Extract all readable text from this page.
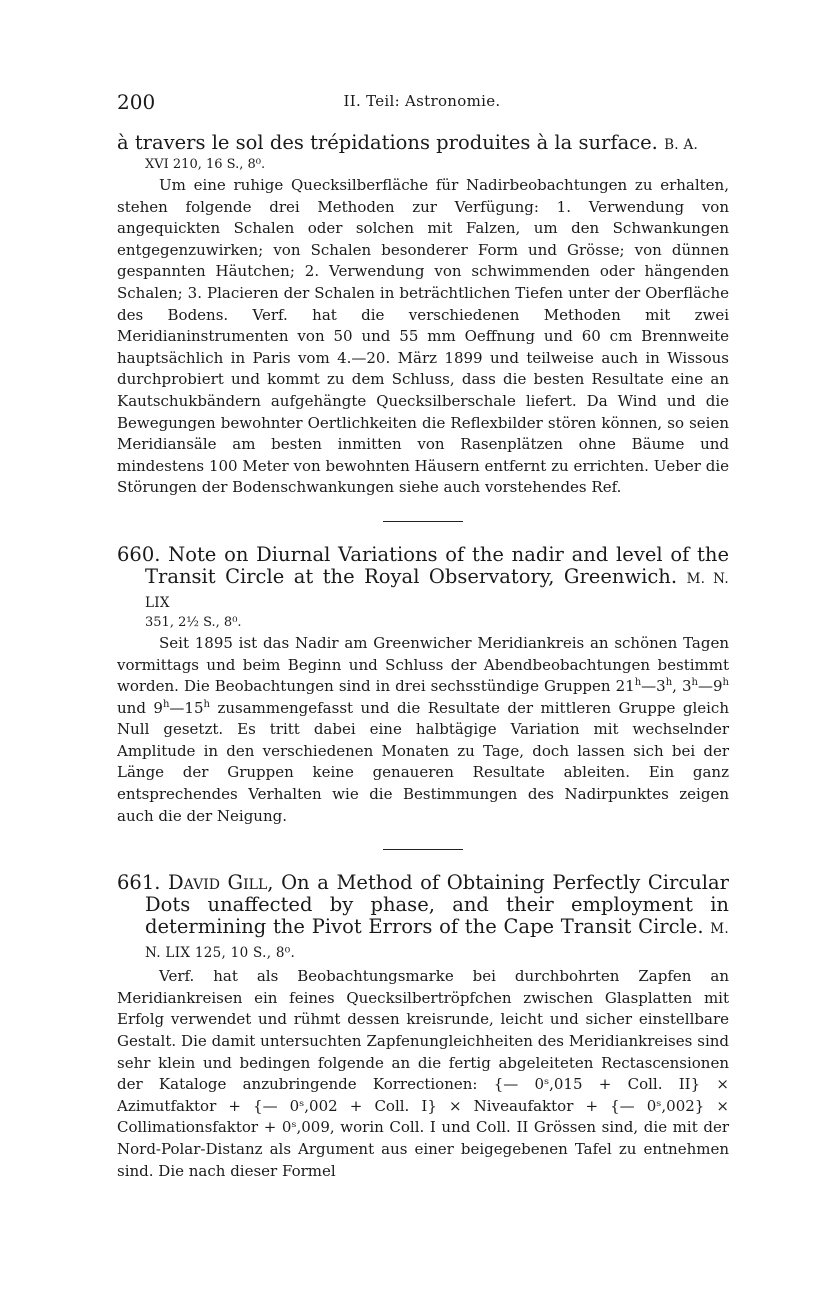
200	II. Teil: Astronomie.

à travers le sol des trépidations produites à la surface. B. A.
XVI 210, 16 S., 8⁰.

Um eine ruhige Quecksilberfläche für Nadirbeobachtungen zu erhalten, stehen folgende drei Methoden zur Verfügung: 1. Verwendung von angequickten Schalen oder solchen mit Falzen, um den Schwankungen entgegenzuwirken; von Schalen besonderer Form und Grösse; von dünnen gespannten Häutchen; 2. Verwendung von schwimmenden oder hängenden Schalen; 3. Placieren der Schalen in beträchtlichen Tiefen unter der Oberfläche des Bodens. Verf. hat die verschiedenen Methoden mit zwei Meridianinstrumenten von 50 und 55 mm Oeffnung und 60 cm Brennweite hauptsächlich in Paris vom 4.—20. März 1899 und teilweise auch in Wissous durchprobiert und kommt zu dem Schluss, dass die besten Resultate eine an Kautschukbändern aufgehängte Quecksilberschale liefert. Da Wind und die Bewegungen bewohnter Oertlichkeiten die Reflexbilder stören können, so seien Meridiansäle am besten inmitten von Rasenplätzen ohne Bäume und mindestens 100 Meter von bewohnten Häusern entfernt zu errichten. Ueber die Störungen der Bodenschwankungen siehe auch vorstehendes Ref.

660. Note on Diurnal Variations of the nadir and level of the Transit Circle at the Royal Observatory, Greenwich. M. N. LIX
351, 2½ S., 8⁰.

Seit 1895 ist das Nadir am Greenwicher Meridiankreis an schönen Tagen vormittags und beim Beginn und Schluss der Abendbeobachtungen bestimmt worden. Die Beobachtungen sind in drei sechsstündige Gruppen 21$^h$—3$^h$, 3$^h$—9$^h$ und 9$^h$—15$^h$ zusammengefasst und die Resultate der mittleren Gruppe gleich Null gesetzt. Es tritt dabei eine halbtägige Variation mit wechselnder Amplitude in den verschiedenen Monaten zu Tage, doch lassen sich bei der Länge der Gruppen keine genaueren Resultate ableiten. Ein ganz entsprechendes Verhalten wie die Bestimmungen des Nadirpunktes zeigen auch die der Neigung.

661. David Gill, On a Method of Obtaining Perfectly Circular Dots unaffected by phase, and their employment in determining the Pivot Errors of the Cape Transit Circle. M. N. LIX 125, 10 S., 8⁰.

Verf. hat als Beobachtungsmarke bei durchbohrten Zapfen an Meridiankreisen ein feines Quecksilbertröpfchen zwischen Glasplatten mit Erfolg verwendet und rühmt dessen kreisrunde, leicht und sicher einstellbare Gestalt. Die damit untersuchten Zapfenungleichheiten des Meridiankreises sind sehr klein und bedingen folgende an die fertig abgeleiteten Rectascensionen der Kataloge anzubringende Korrectionen: {— 0ˢ,015 + Coll. II} × Azimutfaktor + {— 0ˢ,002 + Coll. I} × Niveaufaktor + {— 0ˢ,002} × Collimationsfaktor + 0ˢ,009, worin Coll. I und Coll. II Grössen sind, die mit der Nord-Polar-Distanz als Argument aus einer beigegebenen Tafel zu entnehmen sind. Die nach dieser Formel
